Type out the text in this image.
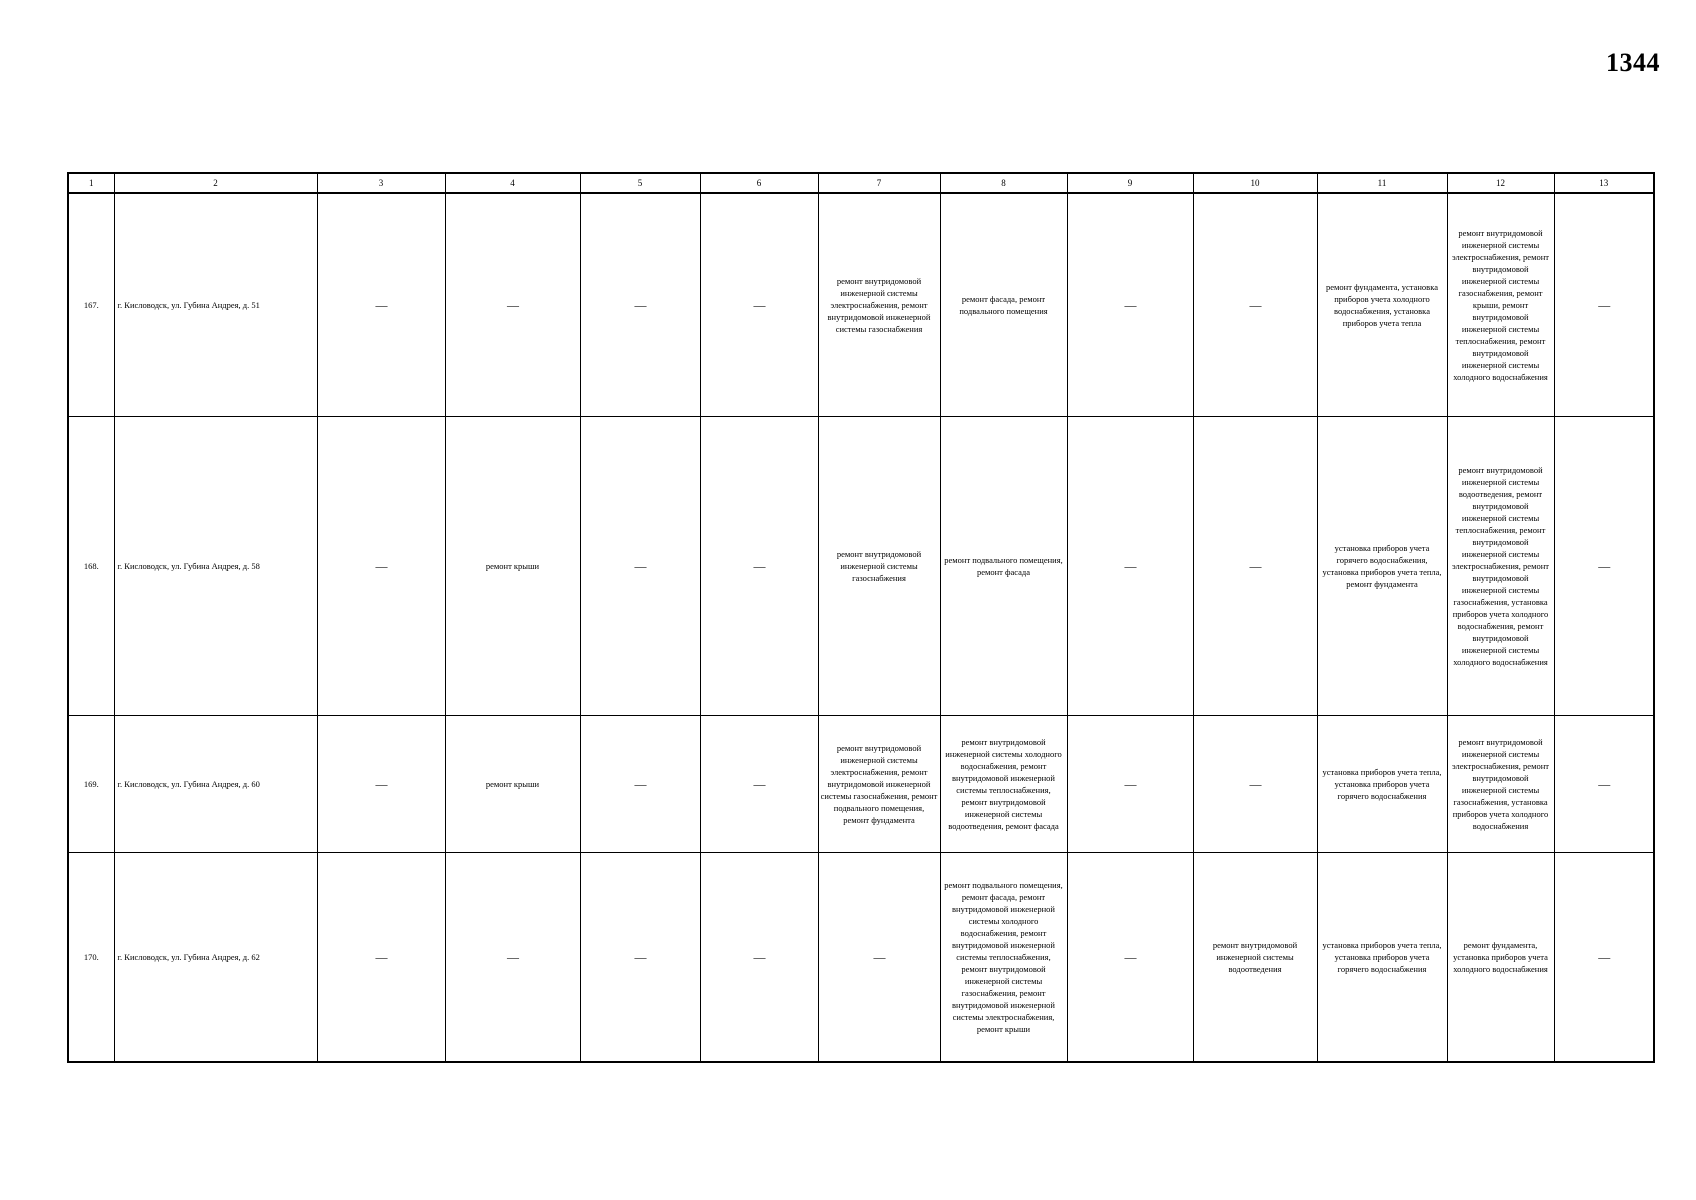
1344
1	2	3	4	5	6	7	8	9	10	11	12	13
167.	г. Кисловодск, ул. Губина Андрея, д. 51	—	—	—	—	ремонт внутридомовой инженерной системы электроснабжения, ремонт внутридомовой инженерной системы газоснабжения	ремонт фасада, ремонт подвального помещения	—	—	ремонт фундамента, установка приборов учета холодного водоснабжения, установка приборов учета тепла	ремонт внутридомовой инженерной системы электроснабжения, ремонт внутридомовой инженерной системы газоснабжения, ремонт крыши, ремонт внутридомовой инженерной системы теплоснабжения, ремонт внутридомовой инженерной системы холодного водоснабжения	—
168.	г. Кисловодск, ул. Губина Андрея, д. 58	—	ремонт крыши	—	—	ремонт внутридомовой инженерной системы газоснабжения	ремонт подвального помещения, ремонт фасада	—	—	установка приборов учета горячего водоснабжения, установка приборов учета тепла, ремонт фундамента	ремонт внутридомовой инженерной системы водоотведения, ремонт внутридомовой инженерной системы теплоснабжения, ремонт внутридомовой инженерной системы электроснабжения, ремонт внутридомовой инженерной системы газоснабжения, установка приборов учета холодного водоснабжения, ремонт внутридомовой инженерной системы холодного водоснабжения	—
169.	г. Кисловодск, ул. Губина Андрея, д. 60	—	ремонт крыши	—	—	ремонт внутридомовой инженерной системы электроснабжения, ремонт внутридомовой инженерной системы газоснабжения, ремонт подвального помещения, ремонт фундамента	ремонт внутридомовой инженерной системы холодного водоснабжения, ремонт внутридомовой инженерной системы теплоснабжения, ремонт внутридомовой инженерной системы водоотведения, ремонт фасада	—	—	установка приборов учета тепла, установка приборов учета горячего водоснабжения	ремонт внутридомовой инженерной системы электроснабжения, ремонт внутридомовой инженерной системы газоснабжения, установка приборов учета холодного водоснабжения	—
170.	г. Кисловодск, ул. Губина Андрея, д. 62	—	—	—	—	—	ремонт подвального помещения, ремонт фасада, ремонт внутридомовой инженерной системы холодного водоснабжения, ремонт внутридомовой инженерной системы теплоснабжения, ремонт внутридомовой инженерной системы газоснабжения, ремонт внутридомовой инженерной системы электроснабжения, ремонт крыши	—	ремонт внутридомовой инженерной системы водоотведения	установка приборов учета тепла, установка приборов учета горячего водоснабжения	ремонт фундамента, установка приборов учета холодного водоснабжения	—
